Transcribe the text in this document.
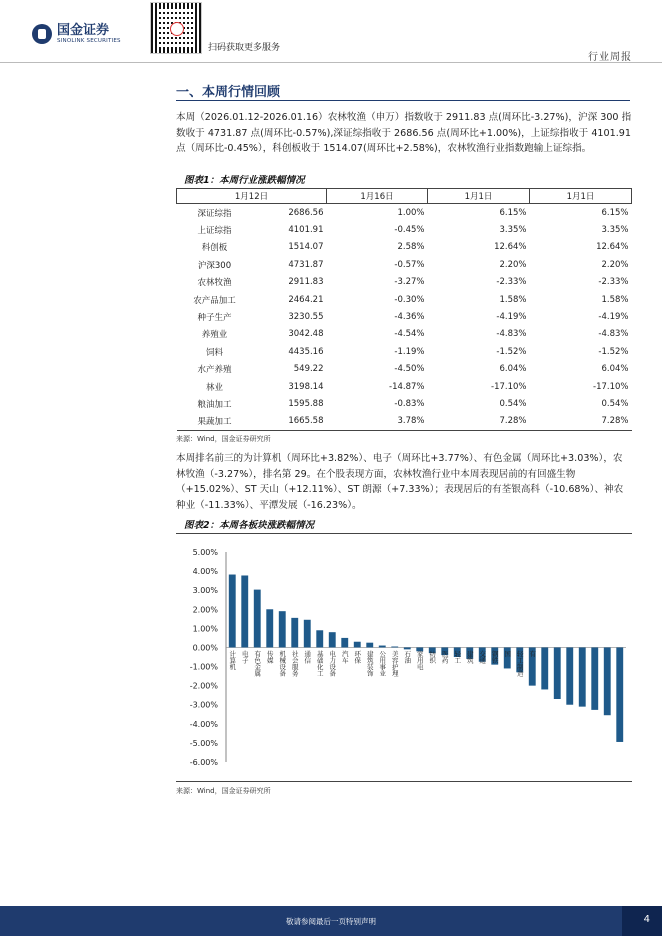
国金证券
SINOLINK SECURITIES
扫码获取更多服务
行业周报
一、本周行情回顾

本周（2026.01.12-2026.01.16）农林牧渔（申万）指数收于 2911.83 点(周环比-3.27%)，沪深 300 指数收于 4731.87 点(周环比-0.57%),深证综指收于 2686.56 点(周环比+1.00%)，上证综指收于 4101.91 点（周环比-0.45%），科创板收于 1514.07(周环比+2.58%)，农林牧渔行业指数跑输上证综指。

图表1：本周行业涨跌幅情况
1月12日		1月16日	1月1日	1月1日
深证综指	2686.56	1.00%	6.15%	6.15%
上证综指	4101.91	-0.45%	3.35%	3.35%
科创板	1514.07	2.58%	12.64%	12.64%
沪深300	4731.87	-0.57%	2.20%	2.20%
农林牧渔	2911.83	-3.27%	-2.33%	-2.33%
农产品加工	2464.21	-0.30%	1.58%	1.58%
种子生产	3230.55	-4.36%	-4.19%	-4.19%
养殖业	3042.48	-4.54%	-4.83%	-4.83%
饲料	4435.16	-1.19%	-1.52%	-1.52%
水产养殖	549.22	-4.50%	6.04%	6.04%
林业	3198.14	-14.87%	-17.10%	-17.10%
粮油加工	1595.88	-0.83%	0.54%	0.54%
果蔬加工	1665.58	3.78%	7.28%	7.28%
来源：Wind，国金证券研究所

本周排名前三的为计算机（周环比+3.82%）、电子（周环比+3.77%）、有色金属（周环比+3.03%），农林牧渔（-3.27%），排名第 29。在个股表现方面，农林牧渔行业中本周表现居前的有回盛生物（+15.02%）、ST 天山（+12.11%）、ST 朗源（+7.33%）；表现居后的有荃银高科（-10.68%）、神农种业（-11.33%）、平潭发展（-16.23%）。

图表2：本周各板块涨跌幅情况
5.00%
4.00%
3.00%
2.00%
1.00%
0.00%
-1.00%
-2.00%
-3.00%
-4.00%
-5.00%
-6.00%
计算机 电子 有色金属 传媒 机械设备 社会服务 通信 基础化工 电力设备 汽车 环保 建筑装饰 公用事业 美容护理 石油 家用电 纺织 医药 轻工 建筑 交通 钢铁 国 轻工制造 有
来源：Wind，国金证券研究所
敬请参阅最后一页特别声明	4
